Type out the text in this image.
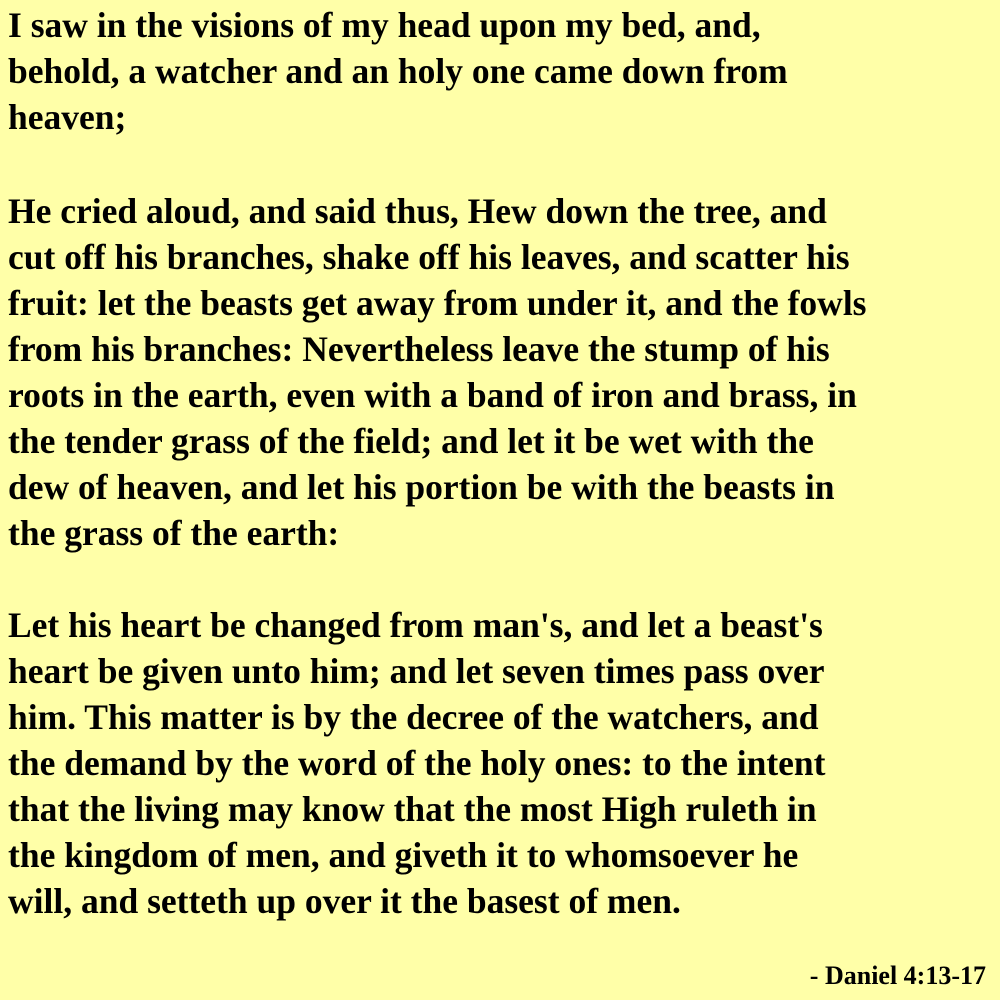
I saw in the visions of my head upon my bed, and,
behold, a watcher and an holy one came down from
heaven;

He cried aloud, and said thus, Hew down the tree, and
cut off his branches, shake off his leaves, and scatter his
fruit: let the beasts get away from under it, and the fowls
from his branches: Nevertheless leave the stump of his
roots in the earth, even with a band of iron and brass, in
the tender grass of the field; and let it be wet with the
dew of heaven, and let his portion be with the beasts in
the grass of the earth:

Let his heart be changed from man's, and let a beast's
heart be given unto him; and let seven times pass over
him. This matter is by the decree of the watchers, and
the demand by the word of the holy ones: to the intent
that the living may know that the most High ruleth in
the kingdom of men, and giveth it to whomsoever he
will, and setteth up over it the basest of men.

- Daniel 4:13-17
